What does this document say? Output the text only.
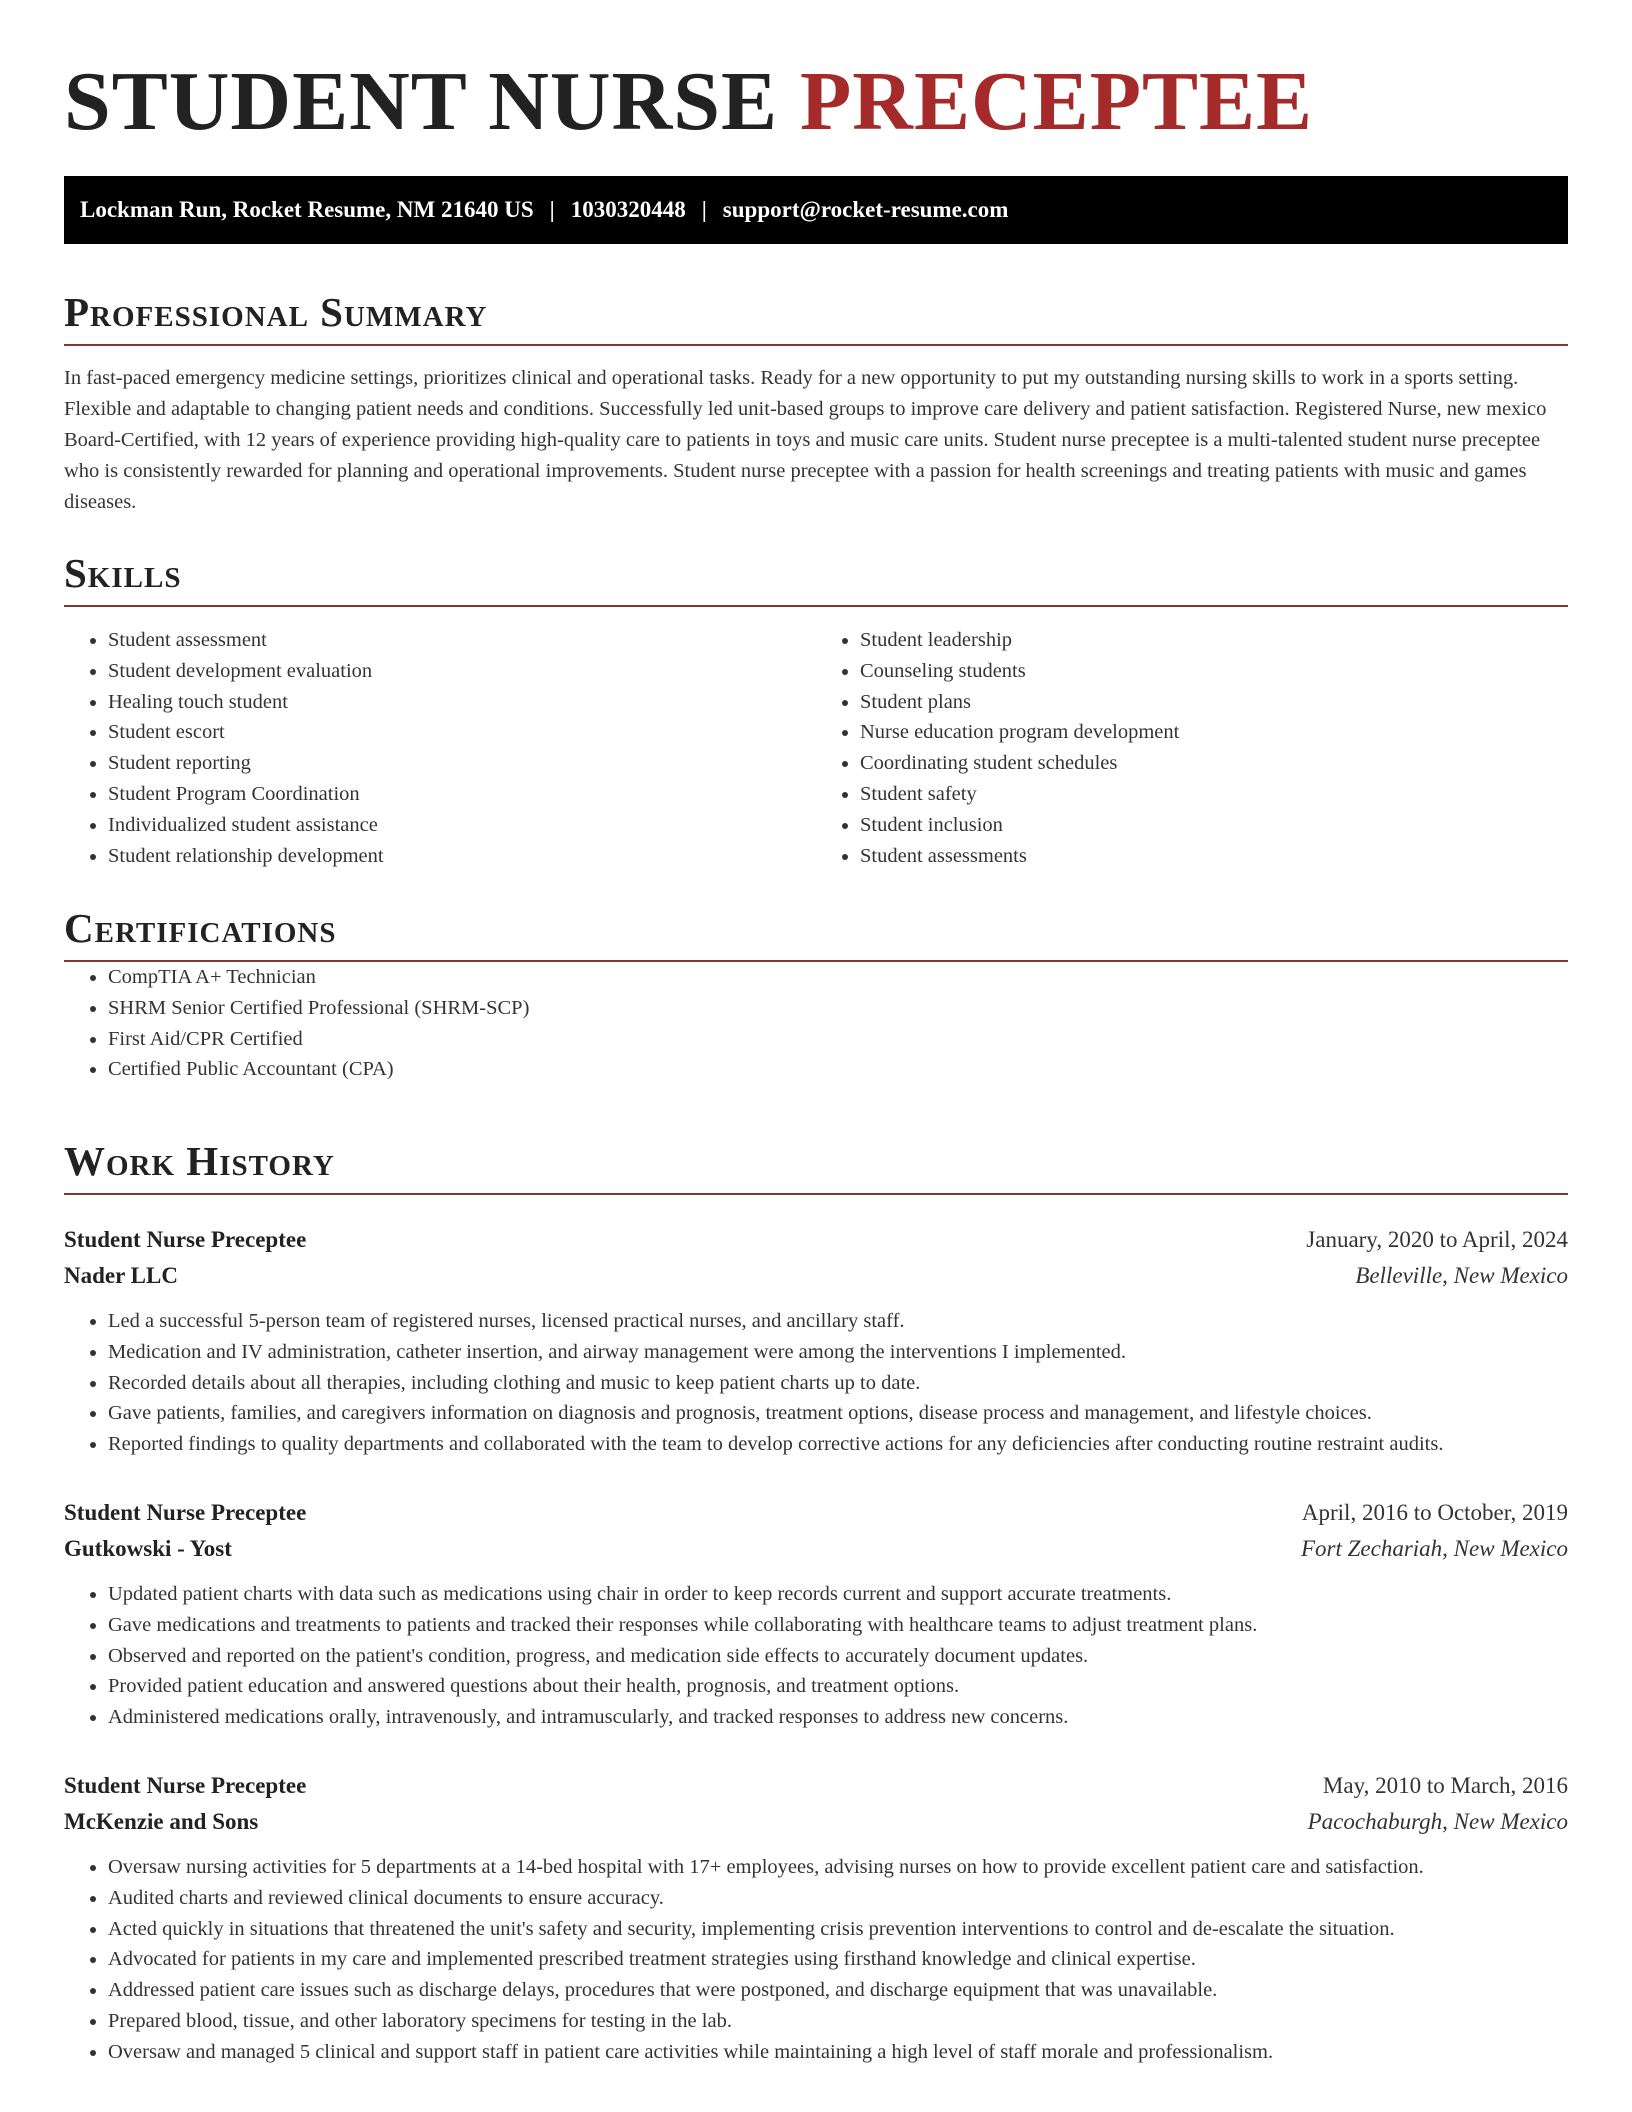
STUDENT NURSE PRECEPTEE
Lockman Run, Rocket Resume, NM 21640 US | 1030320448 | support@rocket-resume.com
Professional Summary

In fast-paced emergency medicine settings, prioritizes clinical and operational tasks. Ready for a new opportunity to put my outstanding nursing skills to work in a sports setting. Flexible and adaptable to changing patient needs and conditions. Successfully led unit-based groups to improve care delivery and patient satisfaction. Registered Nurse, new mexico Board-Certified, with 12 years of experience providing high-quality care to patients in toys and music care units. Student nurse preceptee is a multi-talented student nurse preceptee who is consistently rewarded for planning and operational improvements. Student nurse preceptee with a passion for health screenings and treating patients with music and games diseases.

Skills
• Student assessment
• Student development evaluation
• Healing touch student
• Student escort
• Student reporting
• Student Program Coordination
• Individualized student assistance
• Student relationship development
• Student leadership
• Counseling students
• Student plans
• Nurse education program development
• Coordinating student schedules
• Student safety
• Student inclusion
• Student assessments
Certifications
• CompTIA A+ Technician
• SHRM Senior Certified Professional (SHRM-SCP)
• First Aid/CPR Certified
• Certified Public Accountant (CPA)
Work History
Student Nurse Preceptee	January, 2020 to April, 2024
Nader LLC	Belleville, New Mexico
• Led a successful 5-person team of registered nurses, licensed practical nurses, and ancillary staff.
• Medication and IV administration, catheter insertion, and airway management were among the interventions I implemented.
• Recorded details about all therapies, including clothing and music to keep patient charts up to date.
• Gave patients, families, and caregivers information on diagnosis and prognosis, treatment options, disease process and management, and lifestyle choices.
• Reported findings to quality departments and collaborated with the team to develop corrective actions for any deficiencies after conducting routine restraint audits.
Student Nurse Preceptee	April, 2016 to October, 2019
Gutkowski - Yost	Fort Zechariah, New Mexico
• Updated patient charts with data such as medications using chair in order to keep records current and support accurate treatments.
• Gave medications and treatments to patients and tracked their responses while collaborating with healthcare teams to adjust treatment plans.
• Observed and reported on the patient's condition, progress, and medication side effects to accurately document updates.
• Provided patient education and answered questions about their health, prognosis, and treatment options.
• Administered medications orally, intravenously, and intramuscularly, and tracked responses to address new concerns.
Student Nurse Preceptee	May, 2010 to March, 2016
McKenzie and Sons	Pacochaburgh, New Mexico
• Oversaw nursing activities for 5 departments at a 14-bed hospital with 17+ employees, advising nurses on how to provide excellent patient care and satisfaction.
• Audited charts and reviewed clinical documents to ensure accuracy.
• Acted quickly in situations that threatened the unit's safety and security, implementing crisis prevention interventions to control and de-escalate the situation.
• Advocated for patients in my care and implemented prescribed treatment strategies using firsthand knowledge and clinical expertise.
• Addressed patient care issues such as discharge delays, procedures that were postponed, and discharge equipment that was unavailable.
• Prepared blood, tissue, and other laboratory specimens for testing in the lab.
• Oversaw and managed 5 clinical and support staff in patient care activities while maintaining a high level of staff morale and professionalism.
